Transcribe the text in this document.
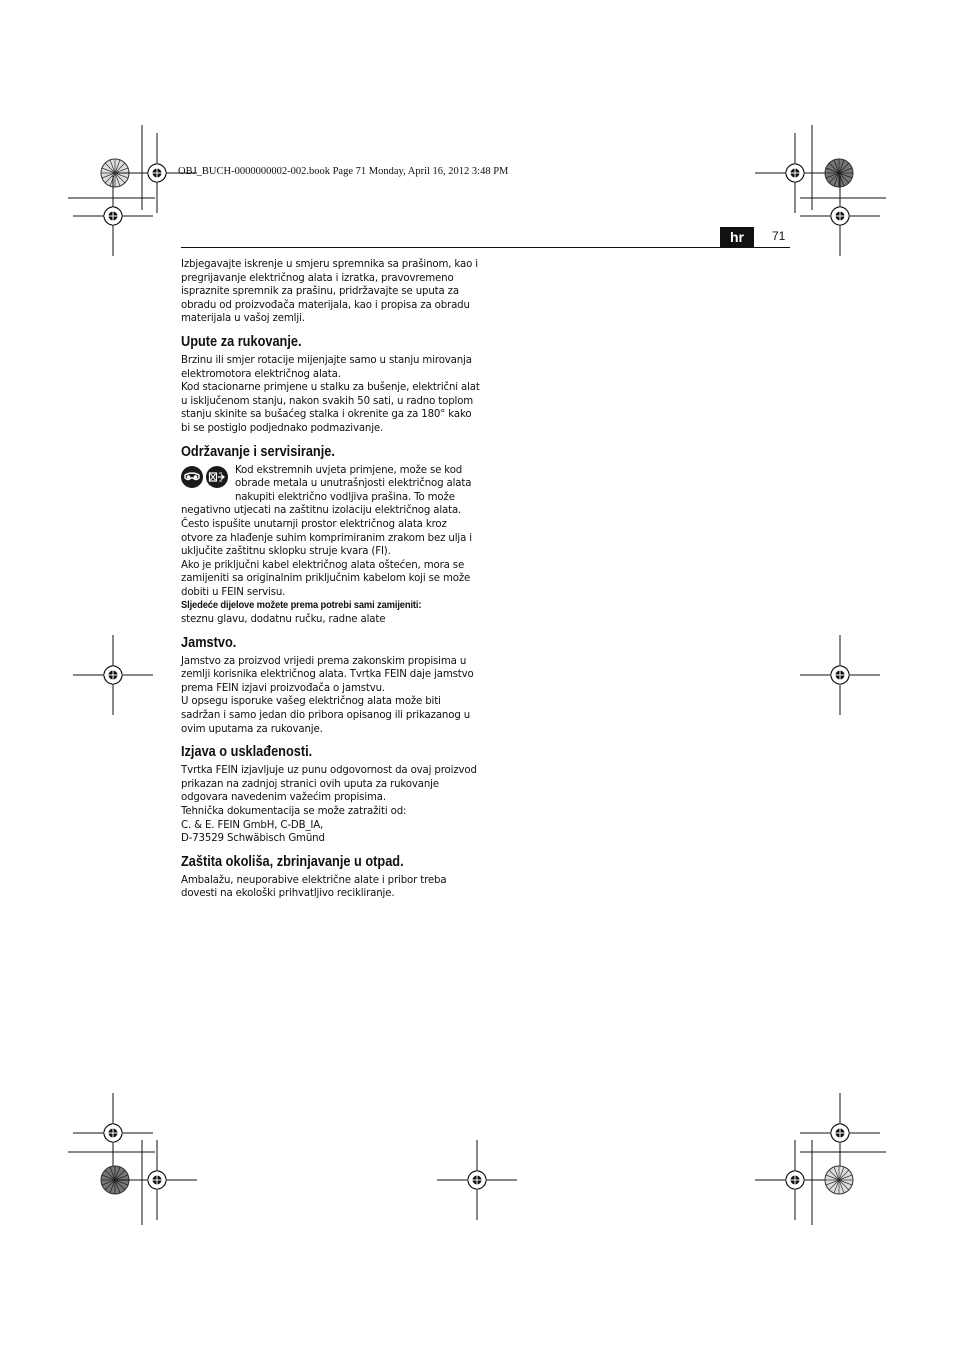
OBJ_BUCH-0000000002-002.book Page 71 Monday, April 16, 2012 3:48 PM
hr	71

Izbjegavajte iskrenje u smjeru spremnika sa prašinom, kao i pregrijavanje električnog alata i izratka, pravovremeno ispraznite spremnik za prašinu, pridržavajte se uputa za obradu od proizvođača materijala, kao i propisa za obradu materijala u vašoj zemlji.

Upute za rukovanje.

Brzinu ili smjer rotacije mijenjajte samo u stanju mirovanja elektromotora električnog alata.

Kod stacionarne primjene u stalku za bušenje, električni alat u isključenom stanju, nakon svakih 50 sati, u radno toplom stanju skinite sa bušaćeg stalka i okrenite ga za 180° kako bi se postiglo podjednako podmazivanje.

Održavanje i servisiranje.

Kod ekstremnih uvjeta primjene, može se kod obrade metala u unutrašnjosti električnog alata nakupiti električno vodljiva prašina. To može negativno utjecati na zaštitnu izolaciju električnog alata. Često ispušite unutarnji prostor električnog alata kroz otvore za hlađenje suhim komprimiranim zrakom bez ulja i uključite zaštitnu sklopku struje kvara (FI).

Ako je priključni kabel električnog alata oštećen, mora se zamijeniti sa originalnim priključnim kabelom koji se može dobiti u FEIN servisu.

Sljedeće dijelove možete prema potrebi sami zamijeniti:

steznu glavu, dodatnu ručku, radne alate

Jamstvo.

Jamstvo za proizvod vrijedi prema zakonskim propisima u zemlji korisnika električnog alata. Tvrtka FEIN daje jamstvo prema FEIN izjavi proizvođača o jamstvu.

U opsegu isporuke vašeg električnog alata može biti sadržan i samo jedan dio pribora opisanog ili prikazanog u ovim uputama za rukovanje.

Izjava o usklađenosti.

Tvrtka FEIN izjavljuje uz punu odgovornost da ovaj proizvod prikazan na zadnjoj stranici ovih uputa za rukovanje odgovara navedenim važećim propisima.

Tehnička dokumentacija se može zatražiti od:

C. & E. FEIN GmbH, C-DB_IA,

D-73529 Schwäbisch Gmünd

Zaštita okoliša, zbrinjavanje u otpad.

Ambalažu, neuporabive električne alate i pribor treba dovesti na ekološki prihvatljivo recikliranje.
